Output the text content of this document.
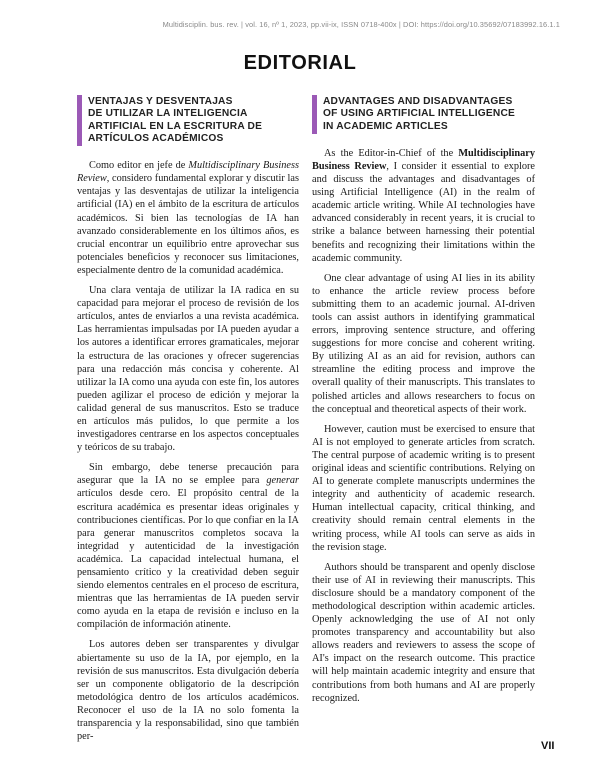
Multidisciplin. bus. rev. | vol. 16, nº 1, 2023, pp.vii-ix, ISSN 0718-400x | DOI: https://doi.org/10.35692/07183992.16.1.1
EDITORIAL
VENTAJAS Y DESVENTAJAS
DE UTILIZAR LA INTELIGENCIA
ARTIFICIAL EN LA ESCRITURA DE
ARTÍCULOS ACADÉMICOS

Como editor en jefe de Multidisciplinary Business Review, considero fundamental explorar y discutir las ventajas y las desventajas de utilizar la inteligencia artificial (IA) en el ámbito de la escritura de artículos académicos. Si bien las tecnologías de IA han avanzado considerablemente en los últimos años, es crucial encontrar un equilibrio entre aprovechar sus potenciales beneficios y reconocer sus limitaciones, especialmente dentro de la comunidad académica.

Una clara ventaja de utilizar la IA radica en su capacidad para mejorar el proceso de revisión de los artículos, antes de enviarlos a una revista académica. Las herramientas impulsadas por IA pueden ayudar a los autores a identificar errores gramaticales, mejorar la estructura de las oraciones y ofrecer sugerencias para una redacción más concisa y coherente. Al utilizar la IA como una ayuda con este fin, los autores pueden agilizar el proceso de edición y mejorar la calidad general de sus manuscritos. Esto se traduce en artículos más pulidos, lo que permite a los investigadores centrarse en los aspectos conceptuales y teóricos de su trabajo.

Sin embargo, debe tenerse precaución para asegurar que la IA no se emplee para generar artículos desde cero. El propósito central de la escritura académica es presentar ideas originales y contribuciones científicas. Por lo que confiar en la IA para generar manuscritos completos socava la integridad y autenticidad de la investigación académica. La capacidad intelectual humana, el pensamiento crítico y la creatividad deben seguir siendo elementos centrales en el proceso de escritura, mientras que las herramientas de IA pueden servir como ayuda en la etapa de revisión e incluso en la compilación de información atinente.

Los autores deben ser transparentes y divulgar abiertamente su uso de la IA, por ejemplo, en la revisión de sus manuscritos. Esta divulgación debería ser un componente obligatorio de la descripción metodológica dentro de los artículos académicos. Reconocer el uso de la IA no solo fomenta la transparencia y la responsabilidad, sino que también per-

ADVANTAGES AND DISADVANTAGES
OF USING ARTIFICIAL INTELLIGENCE
IN ACADEMIC ARTICLES

As the Editor-in-Chief of the Multidisciplinary Business Review, I consider it essential to explore and discuss the advantages and disadvantages of using Artificial Intelligence (AI) in the realm of academic article writing. While AI technologies have advanced considerably in recent years, it is crucial to strike a balance between harnessing their potential benefits and recognizing their limitations within the academic community.

One clear advantage of using AI lies in its ability to enhance the article review process before submitting them to an academic journal. AI-driven tools can assist authors in identifying grammatical errors, improving sentence structure, and offering suggestions for more concise and coherent writing. By utilizing AI as an aid for revision, authors can streamline the editing process and improve the overall quality of their manuscripts. This translates to polished articles and allows researchers to focus on the conceptual and theoretical aspects of their work.

However, caution must be exercised to ensure that AI is not employed to generate articles from scratch. The central purpose of academic writing is to present original ideas and scientific contributions. Relying on AI to generate complete manuscripts undermines the integrity and authenticity of academic research. Human intellectual capacity, critical thinking, and creativity should remain central elements in the writing process, while AI tools can serve as aids in the revision stage.

Authors should be transparent and openly disclose their use of AI in reviewing their manuscripts. This disclosure should be a mandatory component of the methodological description within academic articles. Openly acknowledging the use of AI not only promotes transparency and accountability but also allows readers and reviewers to assess the scope of AI's impact on the research outcome. This practice will help maintain academic integrity and ensure that contributions from both humans and AI are properly recognized.

VII
